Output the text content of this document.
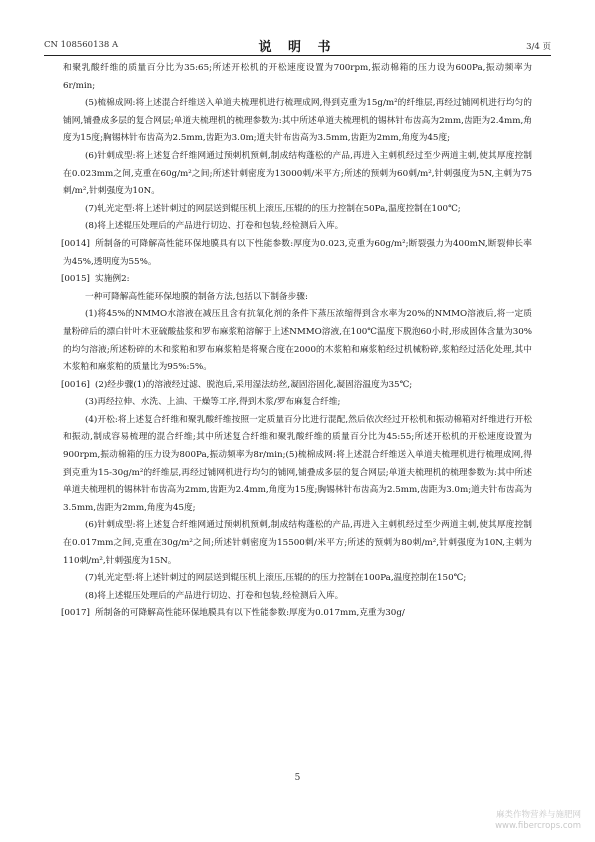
CN 108560138 A	说 明 书	3/4 页

和聚乳酸纤维的质量百分比为35:65;所述开松机的开松速度设置为700rpm,振动棉箱的压力设为600Pa,振动频率为6r/min;

(5)梳棉成网:将上述混合纤维送入单道夫梳理机进行梳理成网,得到克重为15g/m²的纤维层,再经过铺网机进行均匀的铺网,铺叠成多层的复合网层;单道夫梳理机的梳理参数为:其中所述单道夫梳理机的锡林针布齿高为2mm,齿距为2.4mm,角度为15度;胸锡林针布齿高为2.5mm,齿距为3.0m;道夫针布齿高为3.5mm,齿距为2mm,角度为45度;

(6)针刺成型:将上述复合纤维网通过预刺机预刺,制成结构蓬松的产品,再进入主刺机经过至少两道主刺,使其厚度控制在0.023mm之间,克重在60g/m²之间;所述针刺密度为13000刺/米平方;所述的预刺为60刺/m²,针刺强度为5N,主刺为75刺/m²,针刺强度为10N。

(7)轧光定型:将上述针刺过的网层送到辊压机上滚压,压辊的的压力控制在50Pa,温度控制在100℃;

(8)将上述辊压处理后的产品进行切边、打卷和包装,经检测后入库。

[0014] 所制备的可降解高性能环保地膜具有以下性能参数:厚度为0.023,克重为60g/m²;断裂强力为400mN,断裂伸长率为45%,透明度为55%。

[0015] 实施例2:

一种可降解高性能环保地膜的制备方法,包括以下制备步骤:

(1)将45%的NMMO水溶液在减压且含有抗氧化剂的条件下蒸压浓缩得到含水率为20%的NMMO溶液后,将一定质量粉碎后的漂白针叶木亚硫酸盐浆和罗布麻浆粕溶解于上述NMMO溶液,在100℃温度下脱泡60小时,形成固体含量为30%的均匀溶液;所述粉碎的木和浆粕和罗布麻浆粕是将聚合度在2000的木浆粕和麻浆粕经过机械粉碎,浆粕经过活化处理,其中木浆粕和麻浆粕的质量比为95%:5%。

[0016] (2)经步骤(1)的溶液经过滤、脱泡后,采用湿法纺丝,凝固浴固化,凝固浴温度为35℃;

(3)再经拉伸、水洗、上油、干燥等工序,得到木浆/罗布麻复合纤维;

(4)开松:将上述复合纤维和聚乳酸纤维按照一定质量百分比进行混配,然后依次经过开松机和振动棉箱对纤维进行开松和振动,制成容易梳理的混合纤维;其中所述复合纤维和聚乳酸纤维的质量百分比为45:55;所述开松机的开松速度设置为900rpm,振动棉箱的压力设为800Pa,振动频率为8r/min;(5)梳棉成网:将上述混合纤维送入单道夫梳理机进行梳理成网,得到克重为15-30g/m²的纤维层,再经过铺网机进行均匀的铺网,铺叠成多层的复合网层;单道夫梳理机的梳理参数为:其中所述单道夫梳理机的锡林针布齿高为2mm,齿距为2.4mm,角度为15度;胸锡林针布齿高为2.5mm,齿距为3.0m;道夫针布齿高为3.5mm,齿距为2mm,角度为45度;

(6)针刺成型:将上述复合纤维网通过预刺机预刺,制成结构蓬松的产品,再进入主刺机经过至少两道主刺,使其厚度控制在0.017mm之间,克重在30g/m²之间;所述针刺密度为15500刺/米平方;所述的预刺为80刺/m²,针刺强度为10N,主刺为110刺/m²,针刺强度为15N。

(7)轧光定型:将上述针刺过的网层送到辊压机上滚压,压辊的的压力控制在100Pa,温度控制在150℃;

(8)将上述辊压处理后的产品进行切边、打卷和包装,经检测后入库。

[0017] 所制备的可降解高性能环保地膜具有以下性能参数:厚度为0.017mm,克重为30g/

5
麻类作物营养与施肥网
www.fibercrops.com
